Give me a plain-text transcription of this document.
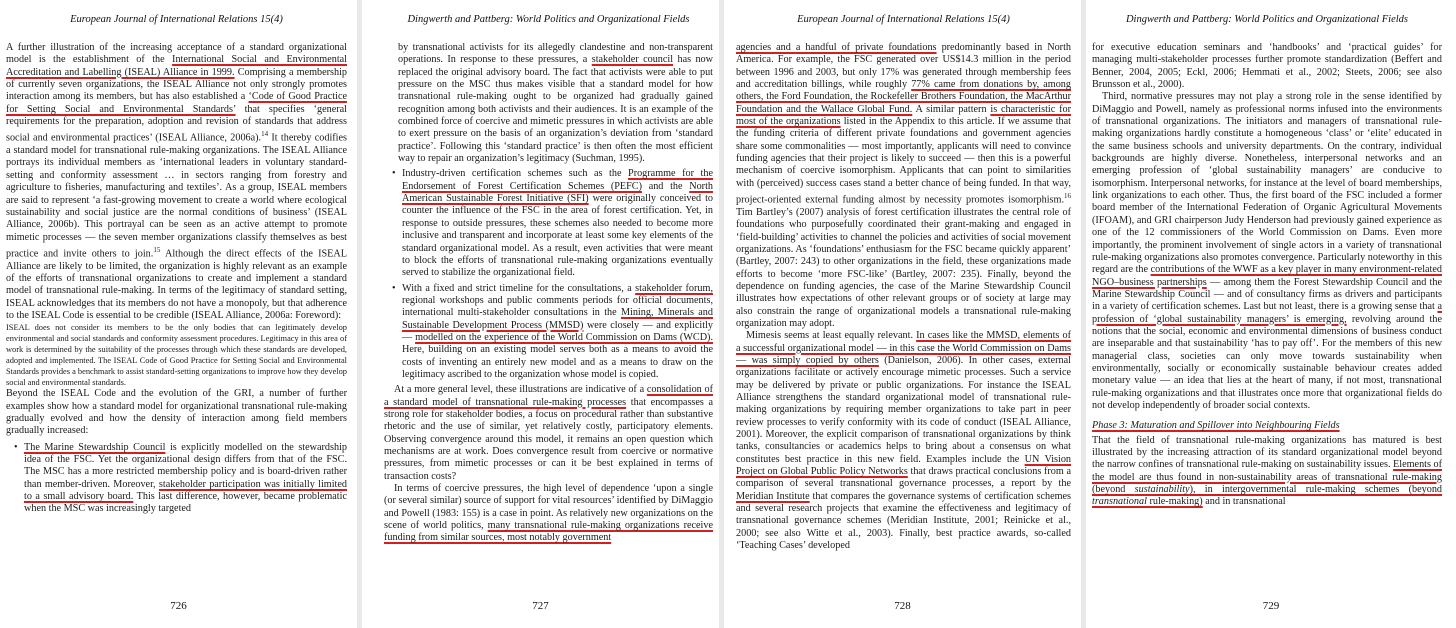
European Journal of International Relations 15(4)

A further illustration of the increasing acceptance of a standard organizational model is the establishment of the International Social and Environmental Accreditation and Labelling (ISEAL) Alliance in 1999. Comprising a membership of currently seven organizations, the ISEAL Alliance not only strongly promotes interaction among its members, but has also established a ‘Code of Good Practice for Setting Social and Environmental Standards’ that specifies ‘general requirements for the preparation, adoption and revision of standards that address social and environmental practices’ (ISEAL Alliance, 2006a).$^{14}$ It thereby codifies a standard model for transnational rule-making organizations. The ISEAL Alliance portrays its individual members as ‘international leaders in voluntary standard-setting and conformity assessment … in sectors ranging from forestry and agriculture to fisheries, manufacturing and textiles’. As a group, ISEAL members are said to represent ‘a fast-growing movement to create a world where ecological sustainability and social justice are the normal conditions of business’ (ISEAL Alliance, 2006b). This portrayal can be seen as an active attempt to promote mimetic processes — the seven member organizations classify themselves as best practice and invite others to join.$^{15}$ Although the direct effects of the ISEAL Alliance are likely to be limited, the organization is highly relevant as an example of the efforts of transnational organizations to create and implement a standard model of transnational rule-making. In terms of the legitimacy of standard setting, ISEAL acknowledges that its members do not have a monopoly, but that adherence to the ISEAL Code is essential to be credible (ISEAL Alliance, 2006a: Foreword):

ISEAL does not consider its members to be the only bodies that can legitimately develop environmental and social standards and conformity assessment procedures. Legitimacy in this area of work is determined by the suitability of the processes through which these standards are developed, adopted and implemented. The ISEAL Code of Good Practice for Setting Social and Environmental Standards provides a benchmark to assist standard-setting organizations to improve how they develop social and environmental standards.

Beyond the ISEAL Code and the evolution of the GRI, a number of further examples show how a standard model for organizational transnational rule-making gradually evolved and how the density of interaction among field members gradually increased:

• The Marine Stewardship Council is explicitly modelled on the stewardship idea of the FSC. Yet the organizational design differs from that of the FSC. The MSC has a more restricted membership policy and is board-driven rather than member-driven. Moreover, stakeholder participation was initially limited to a small advisory board. This last difference, however, became problematic when the MSC was increasingly targeted
726
Dingwerth and Pattberg: World Politics and Organizational Fields

by transnational activists for its allegedly clandestine and non-transparent operations. In response to these pressures, a stakeholder council has now replaced the original advisory board. The fact that activists were able to put pressure on the MSC thus makes visible that a standard model for how transnational rule-making ought to be organized had gradually gained recognition among both activists and their audiences. It is an example of the combined force of coercive and mimetic pressures in which activists are able to exert pressure on the basis of an organization’s deviation from ‘standard practice’. Following this ‘standard practice’ is then often the most efficient way to repair an organization’s legitimacy (Suchman, 1995).

• Industry-driven certification schemes such as the Programme for the Endorsement of Forest Certification Schemes (PEFC) and the North American Sustainable Forest Initiative (SFI) were originally conceived to counter the influence of the FSC in the area of forest certification. Yet, in response to outside pressures, these schemes also needed to become more inclusive and transparent and incorporate at least some key elements of the standard organizational model. As a result, even activities that were meant to block the efforts of transnational rule-making organizations eventually served to stabilize the organizational field.
• With a fixed and strict timeline for the consultations, a stakeholder forum, regional workshops and public comments periods for official documents, international multi-stakeholder consultations in the Mining, Minerals and Sustainable Development Process (MMSD) were closely — and explicitly — modelled on the experience of the World Commission on Dams (WCD). Here, building on an existing model serves both as a means to avoid the costs of inventing an entirely new model and as a means to draw on the legitimacy ascribed to the organization whose model is copied.

At a more general level, these illustrations are indicative of a consolidation of a standard model of transnational rule-making processes that encompasses a strong role for stakeholder bodies, a focus on procedural rather than substantive rhetoric and the use of similar, yet relatively costly, participatory elements. Observing convergence around this model, it remains an open question which mechanisms are at work. Does convergence result from coercive or normative pressures, from mimetic processes or can it be best explained in terms of transaction costs?

In terms of coercive pressures, the high level of dependence ‘upon a single (or several similar) source of support for vital resources’ identified by DiMaggio and Powell (1983: 155) is a case in point. As relatively new organizations on the scene of world politics, many transnational rule-making organizations receive funding from similar sources, most notably government

727
European Journal of International Relations 15(4)

agencies and a handful of private foundations predominantly based in North America. For example, the FSC generated over US$14.3 million in the period between 1996 and 2003, but only 17% was generated through membership fees and accreditation billings, while roughly 77% came from donations by, among others, the Ford Foundation, the Rockefeller Brothers Foundation, the MacArthur Foundation and the Wallace Global Fund. A similar pattern is characteristic for most of the organizations listed in the Appendix to this article. If we assume that the funding criteria of different private foundations and government agencies share some commonalities — most importantly, applicants will need to convince funding agencies that their project is likely to succeed — then this is a powerful mechanism of coercive isomorphism. Applicants that can point to similarities with (perceived) success cases stand a better chance of being funded. In that way, project-oriented external funding almost by necessity promotes isomorphism.$^{16}$ Tim Bartley’s (2007) analysis of forest certification illustrates the central role of foundations who purposefully coordinated their grant-making and engaged in ‘field-building’ activities to channel the policies and activities of social movement organizations. As ‘foundations’ enthusiasm for the FSC became quickly apparent’ (Bartley, 2007: 243) to other organizations in the field, these organizations made efforts to become ‘more FSC-like’ (Bartley, 2007: 235). Finally, beyond the dependence on funding agencies, the case of the Marine Stewardship Council illustrates how expectations of other relevant groups or of society at large may also constrain the range of organizational models a transnational rule-making organization may adopt.

Mimesis seems at least equally relevant. In cases like the MMSD, elements of a successful organizational model — in this case the World Commission on Dams — was simply copied by others (Danielson, 2006). In other cases, external organizations facilitate or actively encourage mimetic processes. Such a service may be delivered by private or public organizations. For instance the ISEAL Alliance strengthens the standard organizational model of transnational rule-making organizations by requiring member organizations to take part in peer review processes to verify conformity with its code of conduct (ISEAL Alliance, 2001). Moreover, the explicit comparison of transnational organizations by think tanks, consultancies or academics helps to bring about a consensus on what constitutes best practice in this new field. Examples include the UN Vision Project on Global Public Policy Networks that draws practical conclusions from a comparison of several transnational governance processes, a report by the Meridian Institute that compares the governance systems of certification schemes and several research projects that examine the effectiveness and legitimacy of transnational governance schemes (Meridian Institute, 2001; Reinicke et al., 2000; see also Witte et al., 2003). Finally, best practice awards, so-called ‘Teaching Cases’ developed

728
Dingwerth and Pattberg: World Politics and Organizational Fields

for executive education seminars and ‘handbooks’ and ‘practical guides’ for managing multi-stakeholder processes further promote standardization (Beffert and Benner, 2004, 2005; Eckl, 2006; Hemmati et al., 2002; Steets, 2006; see also Brunsson et al., 2000).

Third, normative pressures may not play a strong role in the sense identified by DiMaggio and Powell, namely as professional norms infused into the environments of transnational organizations. The initiators and managers of transnational rule-making organizations hardly constitute a homogeneous ‘class’ or ‘elite’ educated in the same business schools and university departments. On the contrary, individual backgrounds are highly diverse. Nonetheless, interpersonal networks and an emerging profession of ‘global sustainability managers’ are conducive to isomorphism. Interpersonal networks, for instance at the level of board memberships, link organizations to each other. Thus, the first board of the FSC included a former board member of the International Federation of Organic Agricultural Movements (IFOAM), and GRI chairperson Judy Henderson had previously gained experience as one of the 12 commissioners of the World Commission on Dams. Even more importantly, the prominent involvement of single actors in a variety of transnational rule-making organizations also promotes convergence. Particularly noteworthy in this regard are the contributions of the WWF as a key player in many environment-related NGO–business partnerships — among them the Forest Stewardship Council and the Marine Stewardship Council — and of consultancy firms as drivers and participants in a variety of certification schemes. Last but not least, there is a growing sense that a profession of ‘global sustainability managers’ is emerging, revolving around the notions that the social, economic and environmental dimensions of business conduct are inseparable and that sustainability ‘has to pay off’. For the members of this new managerial class, societies can only move towards sustainability when environmentally, socially or economically sustainable behaviour creates added monetary value — an idea that lies at the heart of many, if not most, transnational rule-making organizations and that illustrates once more that organizational fields do not develop independently of broader social contexts.

Phase 3: Maturation and Spillover into Neighbouring Fields

That the field of transnational rule-making organizations has matured is best illustrated by the increasing attraction of its standard organizational model beyond the narrow confines of transnational rule-making on sustainability issues. Elements of the model are thus found in non-sustainability areas of transnational rule-making (beyond sustainability), in intergovernmental rule-making schemes (beyond transnational rule-making) and in transnational

729
